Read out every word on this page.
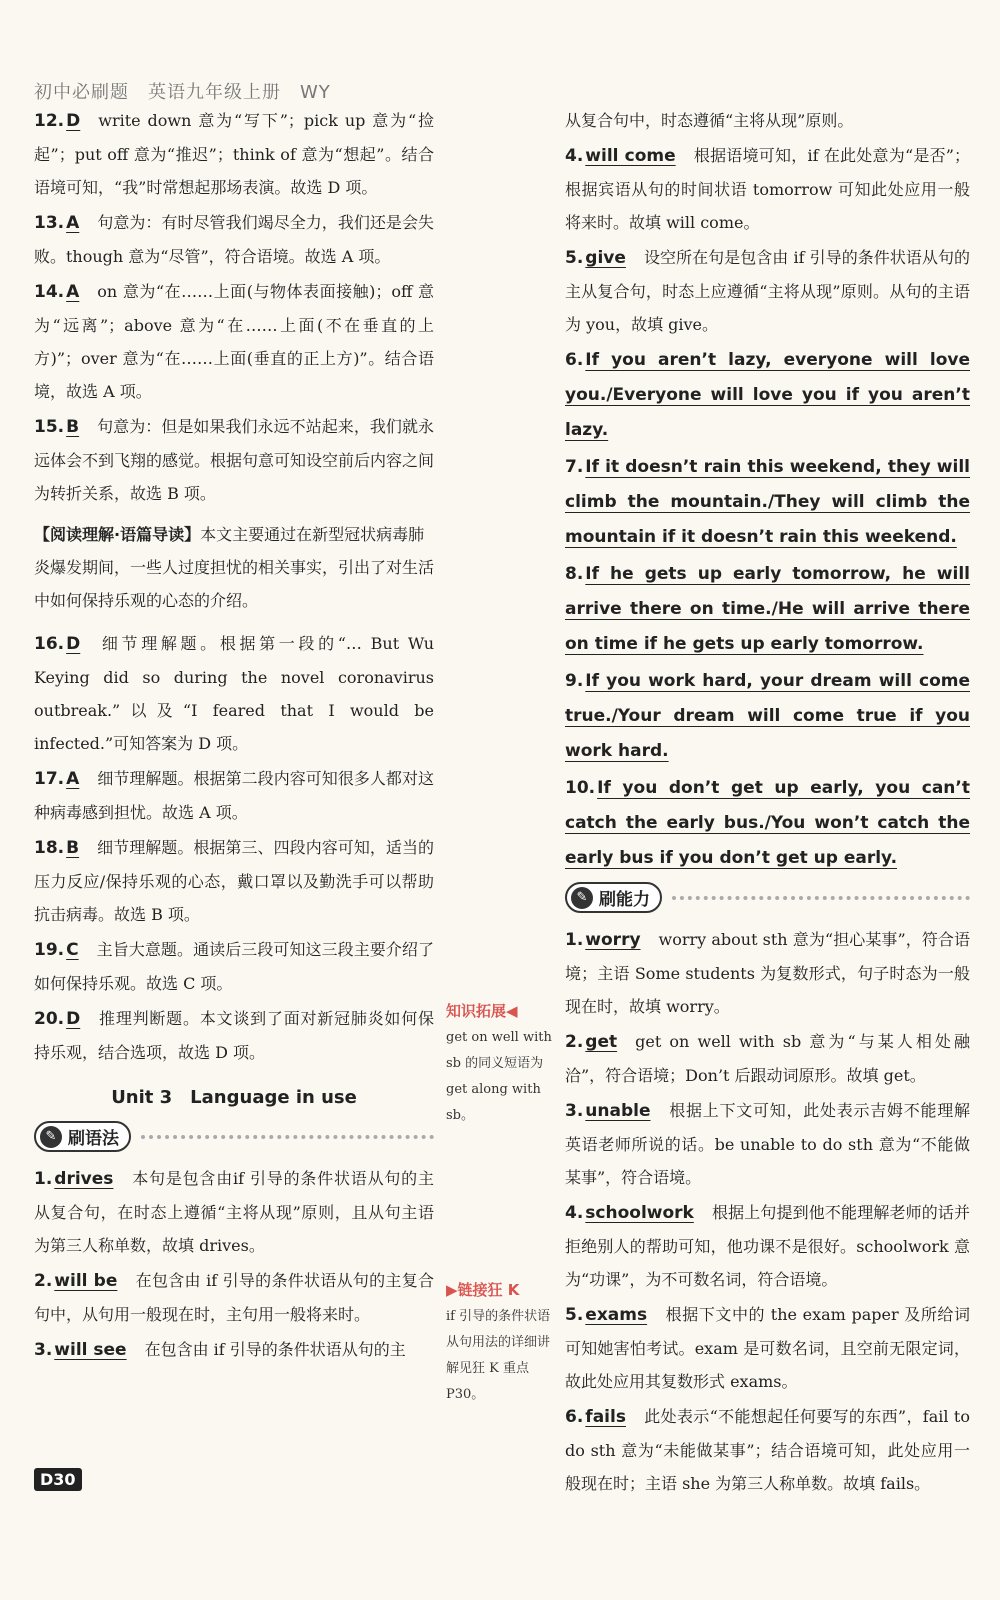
初中必刷题　英语九年级上册　WY
12. D write down 意为“写下”；pick up 意为“捡起”；put off 意为“推迟”；think of 意为“想起”。结合语境可知，“我”时常想起那场表演。故选 D 项。
13. A 句意为：有时尽管我们竭尽全力，我们还是会失败。though 意为“尽管”，符合语境。故选 A 项。
14. A on 意为“在……上面(与物体表面接触)；off 意为“远离”；above 意为“在……上面(不在垂直的上方)”；over 意为“在……上面(垂直的正上方)”。结合语境，故选 A 项。
15. B 句意为：但是如果我们永远不站起来，我们就永远体会不到飞翔的感觉。根据句意可知设空前后内容之间为转折关系，故选 B 项。
【阅读理解·语篇导读】本文主要通过在新型冠状病毒肺炎爆发期间，一些人过度担忧的相关事实，引出了对生活中如何保持乐观的心态的介绍。
16. D 细节理解题。根据第一段的“… But Wu Keying did so during the novel coronavirus outbreak.”以及“I feared that I would be infected.”可知答案为 D 项。
17. A 细节理解题。根据第二段内容可知很多人都对这种病毒感到担忧。故选 A 项。
18. B 细节理解题。根据第三、四段内容可知，适当的压力反应/保持乐观的心态，戴口罩以及勤洗手可以帮助抗击病毒。故选 B 项。
19. C 主旨大意题。通读后三段可知这三段主要介绍了如何保持乐观。故选 C 项。
20. D 推理判断题。本文谈到了面对新冠肺炎如何保持乐观，结合选项，故选 D 项。
Unit 3　Language in use
✎ 刷语法
1. drives 本句是包含由if 引导的条件状语从句的主从复合句，在时态上遵循“主将从现”原则，且从句主语为第三人称单数，故填 drives。
2. will be 在包含由 if 引导的条件状语从句的主复合句中，从句用一般现在时，主句用一般将来时。
3. will see 在包含由 if 引导的条件状语从句的主
知识拓展◀
get on well with sb 的同义短语为 get along with sb。
▶链接狂 K
if 引导的条件状语从句用法的详细讲解见狂 K 重点 P30。
从复合句中，时态遵循“主将从现”原则。
4. will come 根据语境可知，if 在此处意为“是否”；根据宾语从句的时间状语 tomorrow 可知此处应用一般将来时。故填 will come。
5. give 设空所在句是包含由 if 引导的条件状语从句的主从复合句，时态上应遵循“主将从现”原则。从句的主语为 you，故填 give。
6. If you aren’t lazy, everyone will love you./Everyone will love you if you aren’t lazy.
7. If it doesn’t rain this weekend, they will climb the mountain./They will climb the mountain if it doesn’t rain this weekend.
8. If he gets up early tomorrow, he will arrive there on time./He will arrive there on time if he gets up early tomorrow.
9. If you work hard, your dream will come true./Your dream will come true if you work hard.
10. If you don’t get up early, you can’t catch the early bus./You won’t catch the early bus if you don’t get up early.
✎ 刷能力
1. worry worry about sth 意为“担心某事”，符合语境；主语 Some students 为复数形式，句子时态为一般现在时，故填 worry。
2. get get on well with sb 意为“与某人相处融洽”，符合语境；Don’t 后跟动词原形。故填 get。
3. unable 根据上下文可知，此处表示吉姆不能理解英语老师所说的话。be unable to do sth 意为“不能做某事”，符合语境。
4. schoolwork 根据上句提到他不能理解老师的话并拒绝别人的帮助可知，他功课不是很好。schoolwork 意为“功课”，为不可数名词，符合语境。
5. exams 根据下文中的 the exam paper 及所给词可知她害怕考试。exam 是可数名词，且空前无限定词，故此处应用其复数形式 exams。
6. fails 此处表示“不能想起任何要写的东西”，fail to do sth 意为“未能做某事”；结合语境可知，此处应用一般现在时；主语 she 为第三人称单数。故填 fails。
D30
